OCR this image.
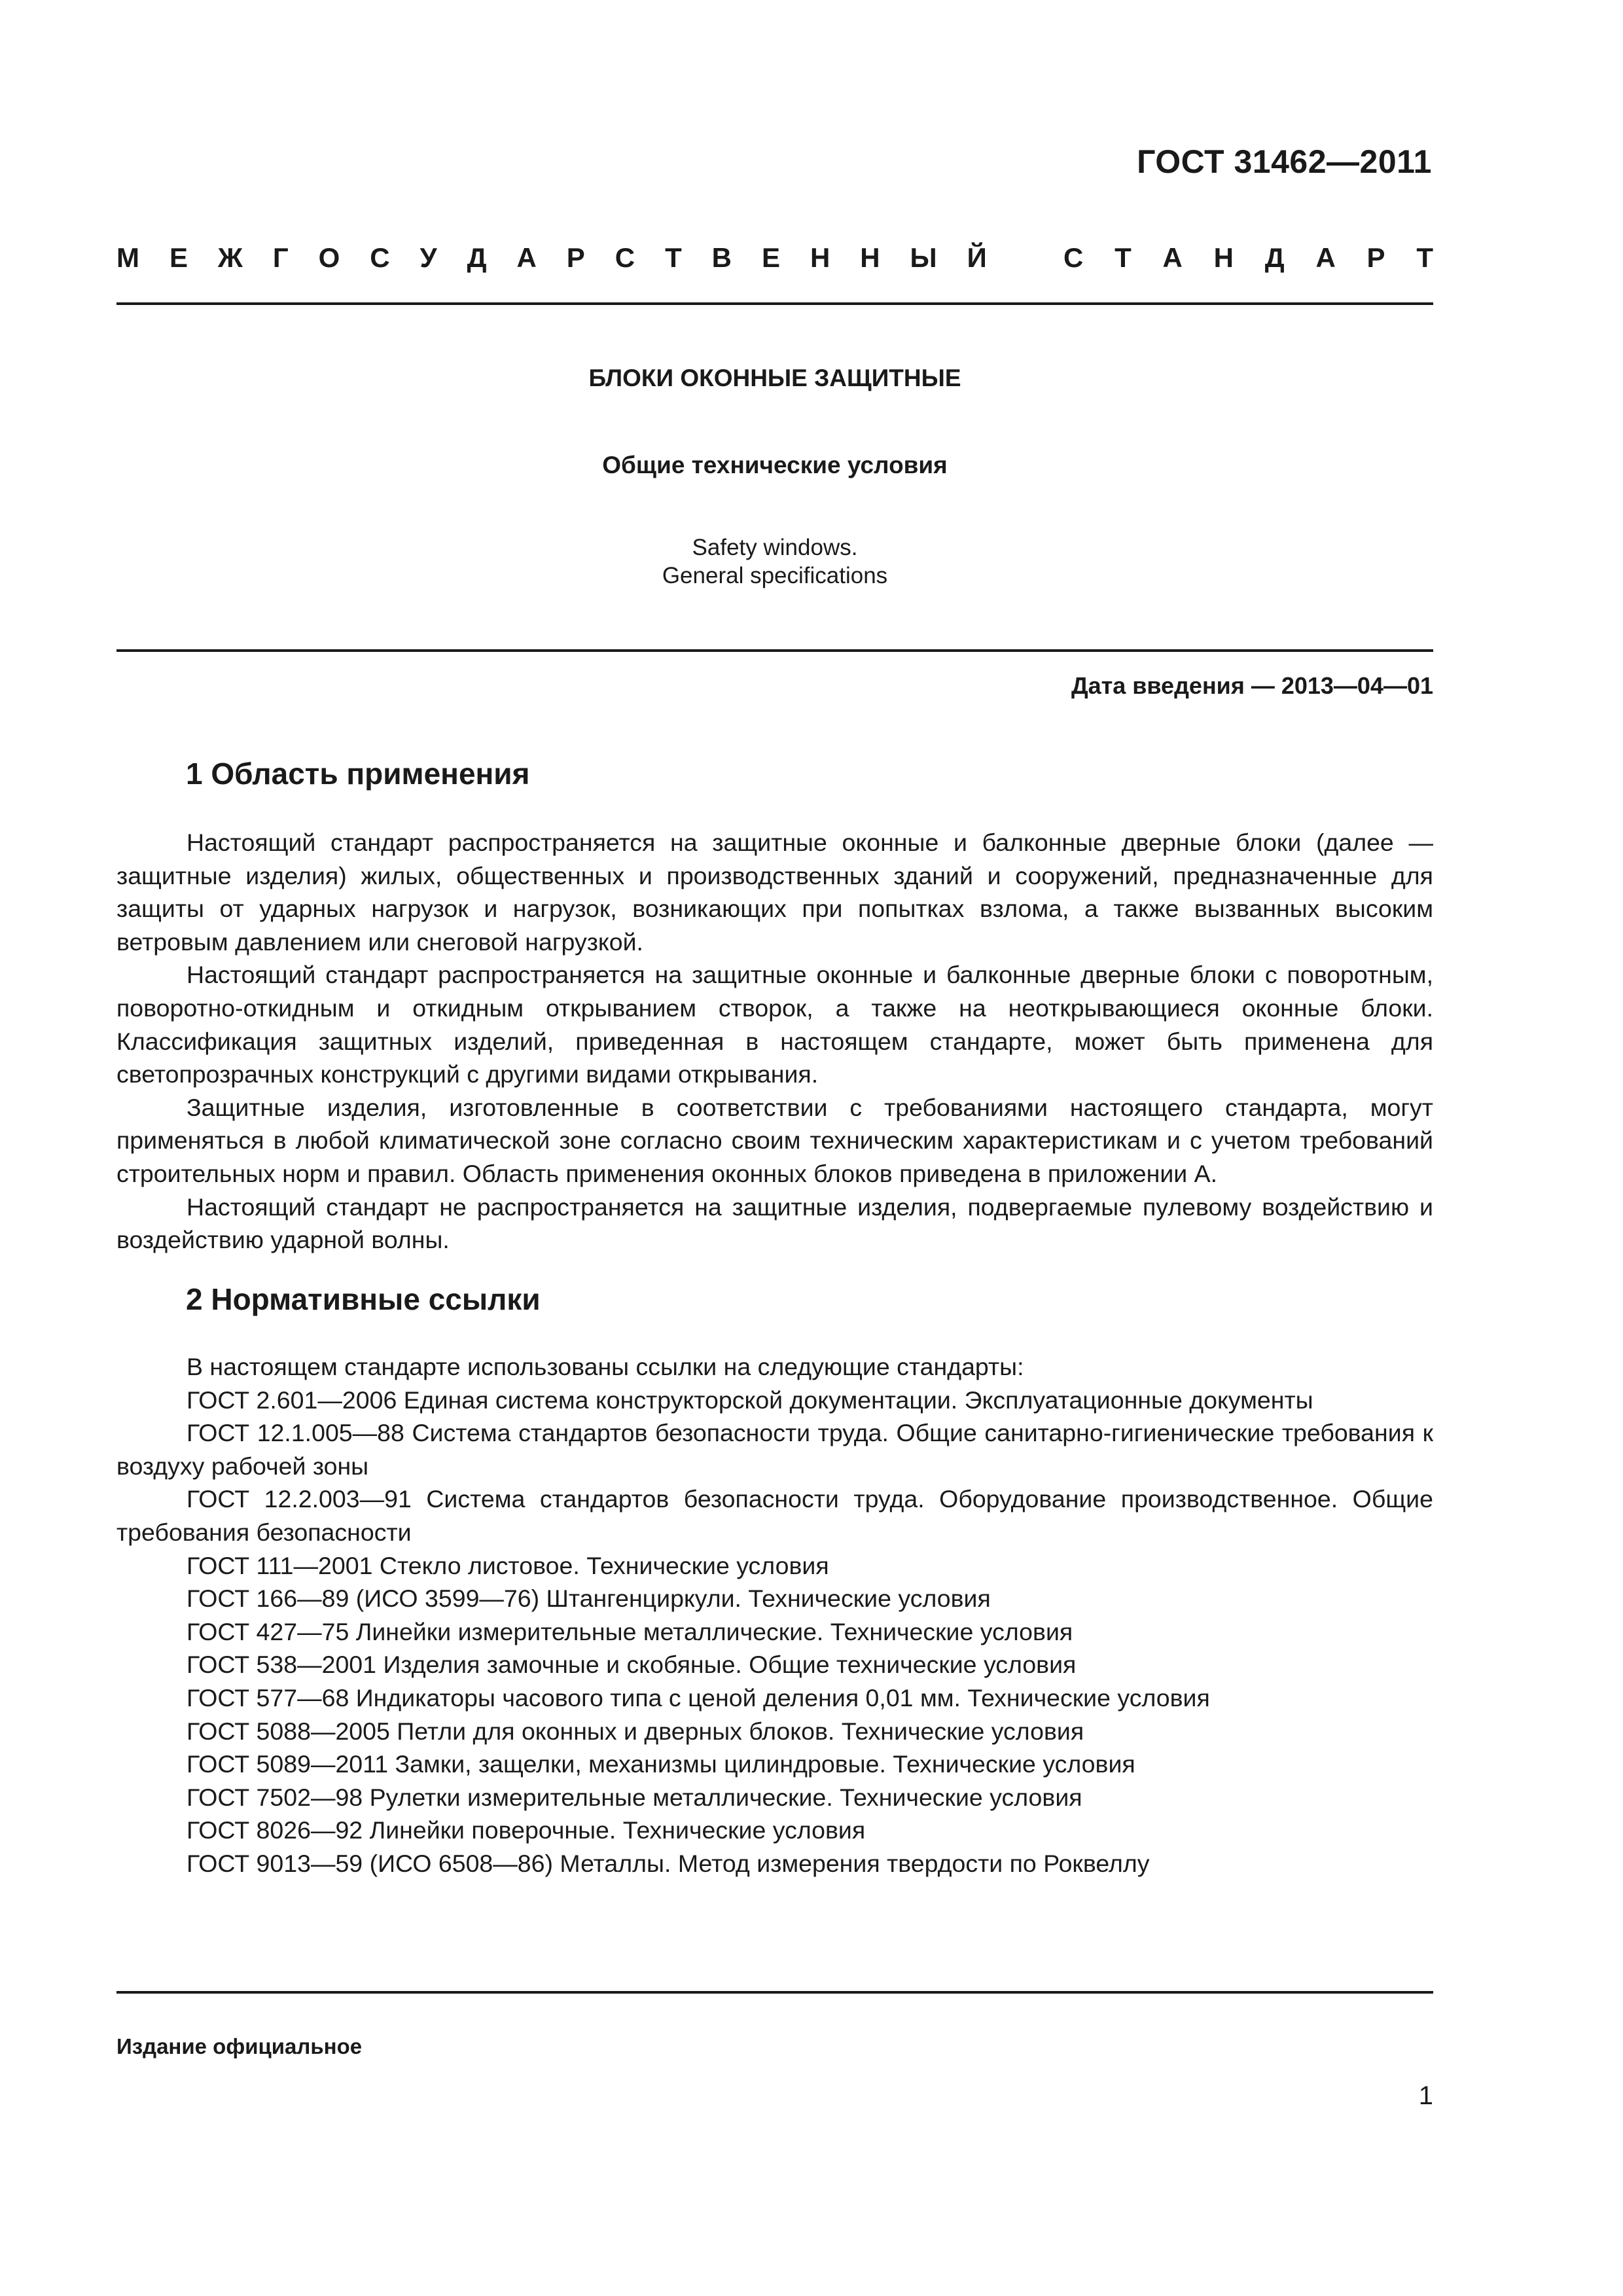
ГОСТ 31462—2011
М Е Ж Г О С У Д А Р С Т В Е Н Н Ы Й	С Т А Н Д А Р Т
БЛОКИ ОКОННЫЕ ЗАЩИТНЫЕ
Общие технические условия
Safety windows.
General specifications
Дата введения — 2013—04—01
1 Область применения

Настоящий стандарт распространяется на защитные оконные и балконные дверные блоки (далее — защитные изделия) жилых, общественных и производственных зданий и сооружений, предназначенные для защиты от ударных нагрузок и нагрузок, возникающих при попытках взлома, а также вызванных высоким ветровым давлением или снеговой нагрузкой.

Настоящий стандарт распространяется на защитные оконные и балконные дверные блоки с поворотным, поворотно-откидным и откидным открыванием створок, а также на неоткрывающиеся оконные блоки. Классификация защитных изделий, приведенная в настоящем стандарте, может быть применена для светопрозрачных конструкций с другими видами открывания.

Защитные изделия, изготовленные в соответствии с требованиями настоящего стандарта, могут применяться в любой климатической зоне согласно своим техническим характеристикам и с учетом требований строительных норм и правил. Область применения оконных блоков приведена в приложении А.

Настоящий стандарт не распространяется на защитные изделия, подвергаемые пулевому воздействию и воздействию ударной волны.

2 Нормативные ссылки

В настоящем стандарте использованы ссылки на следующие стандарты:

ГОСТ 2.601—2006 Единая система конструкторской документации. Эксплуатационные документы

ГОСТ 12.1.005—88 Система стандартов безопасности труда. Общие санитарно-гигиенические требования к воздуху рабочей зоны

ГОСТ 12.2.003—91 Система стандартов безопасности труда. Оборудование производственное. Общие требования безопасности

ГОСТ 111—2001 Стекло листовое. Технические условия

ГОСТ 166—89 (ИСО 3599—76) Штангенциркули. Технические условия

ГОСТ 427—75 Линейки измерительные металлические. Технические условия

ГОСТ 538—2001 Изделия замочные и скобяные. Общие технические условия

ГОСТ 577—68 Индикаторы часового типа с ценой деления 0,01 мм. Технические условия

ГОСТ 5088—2005 Петли для оконных и дверных блоков. Технические условия

ГОСТ 5089—2011 Замки, защелки, механизмы цилиндровые. Технические условия

ГОСТ 7502—98 Рулетки измерительные металлические. Технические условия

ГОСТ 8026—92 Линейки поверочные. Технические условия

ГОСТ 9013—59 (ИСО 6508—86) Металлы. Метод измерения твердости по Роквеллу

Издание официальное
1
